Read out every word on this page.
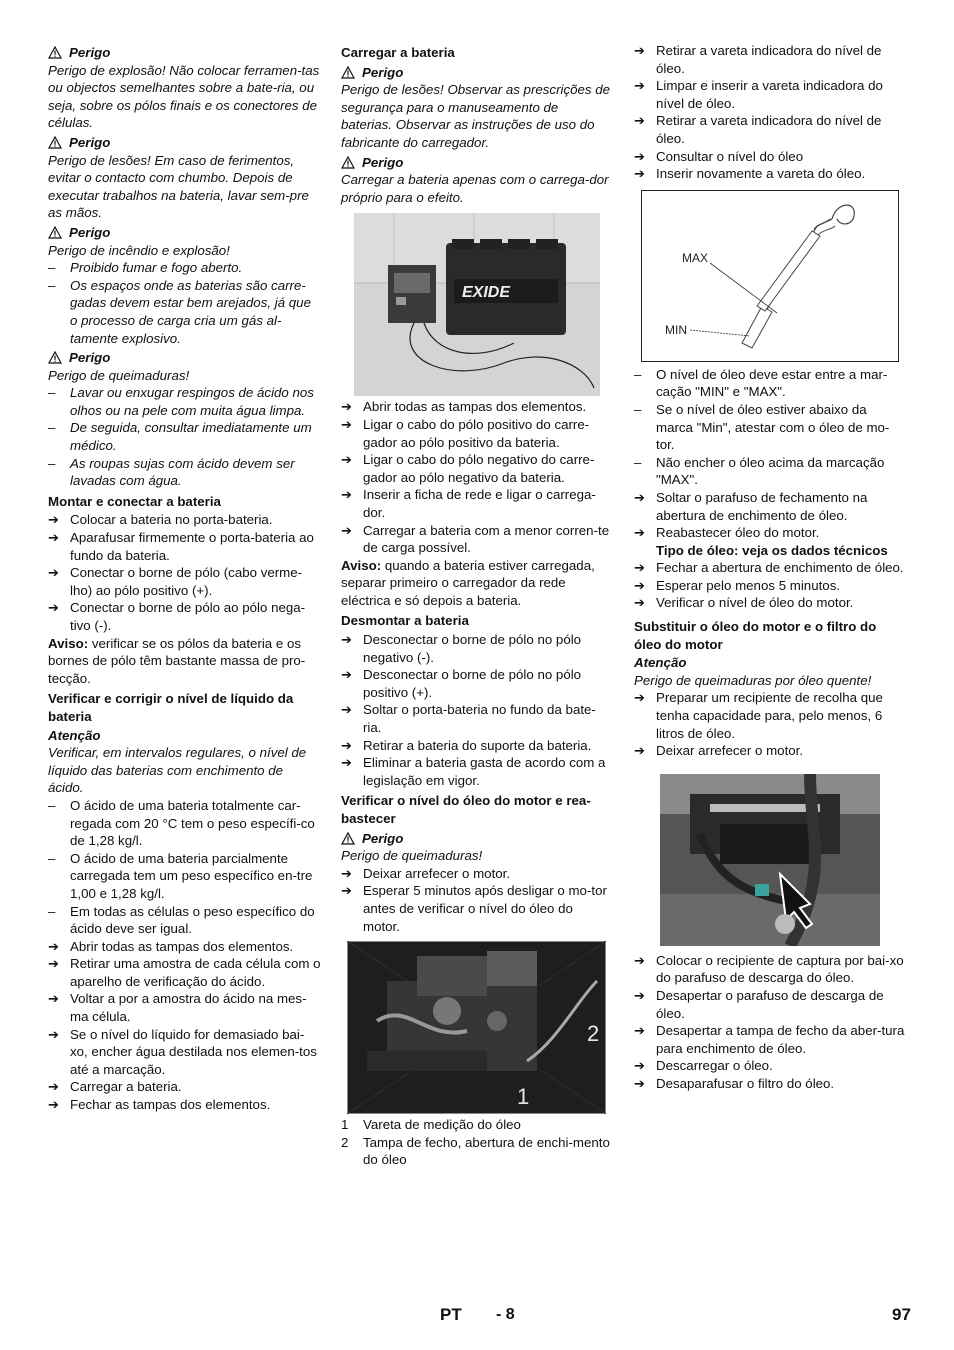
Perigo
Perigo de explosão! Não colocar ferramen-tas ou objectos semelhantes sobre a bate-ria, ou seja, sobre os pólos finais e os conectores de células.
Perigo
Perigo de lesões! Em caso de ferimentos, evitar o contacto com chumbo. Depois de executar trabalhos na bateria, lavar sem-pre as mãos.
Perigo
Perigo de incêndio e explosão!
–	Proibido fumar e fogo aberto.
–	Os espaços onde as baterias são carre-gadas devem estar bem arejados, já que o processo de carga cria um gás al-tamente explosivo.
Perigo
Perigo de queimaduras!
–	Lavar ou enxugar respingos de ácido nos olhos ou na pele com muita água limpa.
–	De seguida, consultar imediatamente um médico.
–	As roupas sujas com ácido devem ser lavadas com água.
Montar e conectar a bateria
➔ Colocar a bateria no porta-bateria.
➔ Aparafusar firmemente o porta-bateria ao fundo da bateria.
➔ Conectar o borne de pólo (cabo verme-lho) ao pólo positivo (+).
➔ Conectar o borne de pólo ao pólo nega-tivo (-).
Aviso: verificar se os pólos da bateria e os bornes de pólo têm bastante massa de pro-tecção.
Verificar e corrigir o nível de líquido da bateria
Atenção
Verificar, em intervalos regulares, o nível de líquido das baterias com enchimento de ácido.
–	O ácido de uma bateria totalmente car-regada com 20 °C tem o peso específi-co de 1,28 kg/l.
–	O ácido de uma bateria parcialmente carregada tem um peso específico en-tre 1,00 e 1,28 kg/l.
–	Em todas as células o peso específico do ácido deve ser igual.
➔ Abrir todas as tampas dos elementos.
➔ Retirar uma amostra de cada célula com o aparelho de verificação do ácido.
➔ Voltar a por a amostra do ácido na mes-ma célula.
➔ Se o nível do líquido for demasiado bai-xo, encher água destilada nos elemen-tos até a marcação.
➔ Carregar a bateria.
➔ Fechar as tampas dos elementos.
Carregar a bateria
Perigo
Perigo de lesões! Observar as prescrições de segurança para o manuseamento de baterias. Observar as instruções de uso do fabricante do carregador.
Perigo
Carregar a bateria apenas com o carrega-dor próprio para o efeito.
EXIDE
➔ Abrir todas as tampas dos elementos.
➔ Ligar o cabo do pólo positivo do carre-gador ao pólo positivo da bateria.
➔ Ligar o cabo do pólo negativo do carre-gador ao pólo negativo da bateria.
➔ Inserir a ficha de rede e ligar o carrega-dor.
➔ Carregar a bateria com a menor corren-te de carga possível.
Aviso: quando a bateria estiver carregada, separar primeiro o carregador da rede eléctrica e só depois a bateria.
Desmontar a bateria
➔ Desconectar o borne de pólo no pólo negativo (-).
➔ Desconectar o borne de pólo no pólo positivo (+).
➔ Soltar o porta-bateria no fundo da bate-ria.
➔ Retirar a bateria do suporte da bateria.
➔ Eliminar a bateria gasta de acordo com a legislação em vigor.
Verificar o nível do óleo do motor e rea-bastecer
Perigo
Perigo de queimaduras!
➔ Deixar arrefecer o motor.
➔ Esperar 5 minutos após desligar o mo-tor antes de verificar o nível do óleo do motor.
2
1
1	Vareta de medição do óleo
2	Tampa de fecho, abertura de enchi-mento do óleo
➔ Retirar a vareta indicadora do nível de óleo.
➔ Limpar e inserir a vareta indicadora do nível de óleo.
➔ Retirar a vareta indicadora do nível de óleo.
➔ Consultar o nível do óleo
➔ Inserir novamente a vareta do óleo.
MAX
MIN
–	O nível de óleo deve estar entre a mar-cação "MIN" e "MAX".
–	Se o nível de óleo estiver abaixo da marca "Min", atestar com o óleo de mo-tor.
–	Não encher o óleo acima da marcação "MAX".
➔ Soltar o parafuso de fechamento na abertura de enchimento de óleo.
➔ Reabastecer óleo do motor.
Tipo de óleo: veja os dados técnicos
➔ Fechar a abertura de enchimento de óleo.
➔ Esperar pelo menos 5 minutos.
➔ Verificar o nível de óleo do motor.
Substituir o óleo do motor e o filtro do óleo do motor
Atenção
Perigo de queimaduras por óleo quente!
➔ Preparar um recipiente de recolha que tenha capacidade para, pelo menos, 6 litros de óleo.
➔ Deixar arrefecer o motor.
➔ Colocar o recipiente de captura por bai-xo do parafuso de descarga do óleo.
➔ Desapertar o parafuso de descarga de óleo.
➔ Desapertar a tampa de fecho da aber-tura para enchimento de óleo.
➔ Descarregar o óleo.
➔ Desaparafusar o filtro do óleo.
PT - 8	97
